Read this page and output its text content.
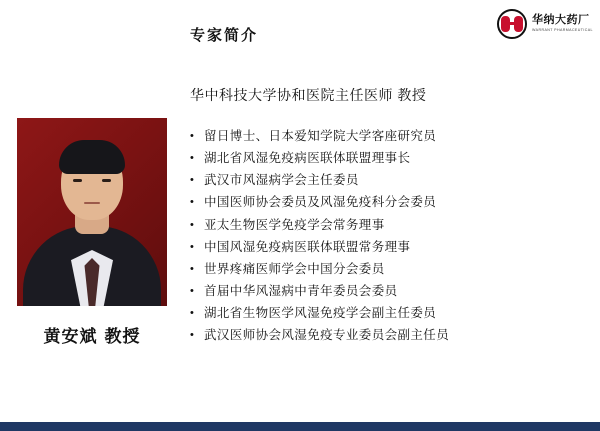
华纳大药厂
WARRANT PHARMACEUTICAL
专家简介
华中科技大学协和医院主任医师 教授
黄安斌 教授
• 留日博士、日本爱知学院大学客座研究员
• 湖北省风湿免疫病医联体联盟理事长
• 武汉市风湿病学会主任委员
• 中国医师协会委员及风湿免疫科分会委员
• 亚太生物医学免疫学会常务理事
• 中国风湿免疫病医联体联盟常务理事
• 世界疼痛医师学会中国分会委员
• 首届中华风湿病中青年委员会委员
• 湖北省生物医学风湿免疫学会副主任委员
• 武汉医师协会风湿免疫专业委员会副主任员
